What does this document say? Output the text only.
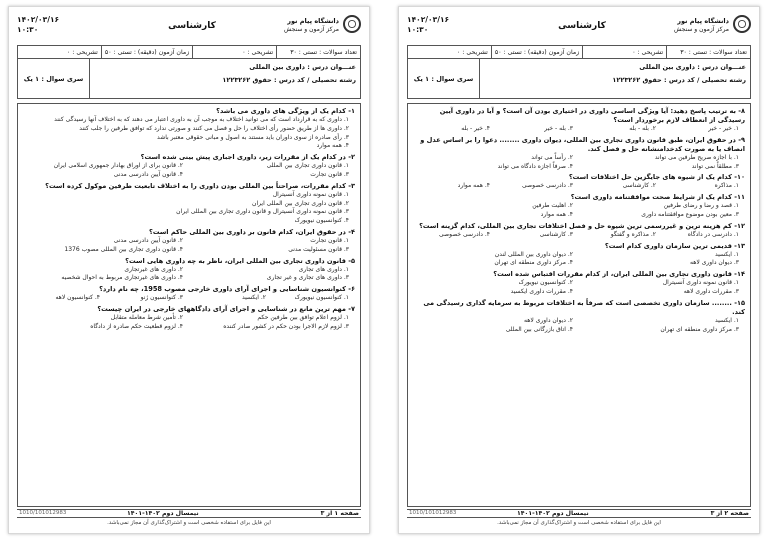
۱۴۰۲/۰۳/۱۶
۱۰:۳۰	کارشناسی	دانشگاه پیام نور
مرکز آزمون و سنجش
تعداد سوالات : تستی : ۳۰
تشریحی : ۰
زمان آزمون (دقیقه) : تستی : ۵۰
تشریحی : ۰
سری سوال : ۱ یک
عنـــوان درس : داوری بین المللی
رشته تحصیلی / کد درس : حقوق ۱۲۲۳۲۶۲
۱- کدام یک از ویژگی های داوری می باشد؟
۱. داوری که به قرارداد است که می توانید اختلاف به موجب آن به داوری اعتبار می دهند که به اختلاف آنها رسیدگی کنند
۲. داوری ها از طریق حضور رأی اختلاف را حل و فصل می کنند و صورتی ندارد که توافق طرفین را جلب کنند
۳. رأی صادره از سوی داوران باید مستند به اصول و مبانی حقوقی معتبر باشد
۴. همه موارد
۲- در کدام یک از مقررات زیر، داوری اجباری پیش بینی شده است؟
۱. قانون داوری تجاری بین المللی
۲. قانون برای از اوراق بهادار جمهوری اسلامی ایران
۳. قانون تجارت
۴. قانون آیین دادرسی مدنی
۳- کدام مقررات، صراحتاً بین المللی بودن داوری را به اختلاف تابعیت طرفین موکول کرده است؟
۱. قانون نمونه داوری آنسیترال
۲. قانون داوری تجاری بین المللی ایران
۳. قانون نمونه داوری آنسیترال و قانون داوری تجاری بین المللی ایران
۴. کنوانسیون نیویورک
۴- در حقوق ایران، کدام قانون بر داوری بین المللی حاکم است؟
۱. قانون تجارت
۲. قانون آیین دادرسی مدنی
۳. قانون مسئولیت مدنی
۴. قانون داوری تجاری بین المللی مصوب 1376
۵- قانون داوری تجاری بین المللی ایران، ناظر به چه داوری هایی است؟
۱. داوری های تجاری
۲. داوری های غیرتجاری
۳. داوری های تجاری و غیر تجاری
۴. داوری های غیرتجاری مربوط به احوال شخصیه
۶- کنوانسیون شناسایی و اجرای آرای داوری خارجی مصوب 1958، چه نام دارد؟
۱. کنوانسیون نیویورک
۲. ایکسید
۳. کنوانسیون ژنو
۴. کنوانسیون لاهه
۷- مهم ترین مانع در شناسایی و اجرای آرای دادگاههای خارجی در ایران چیست؟
۱. لزوم اعلام توافق بین طرفین حکم
۲. تأمین شرط معامله متقابل
۳. لزوم لازم الاجرا بودن حکم در کشور صادر کننده
۴. لزوم قطعیت حکم صادره از دادگاه
صفحه ۱ از ۳
نیمسال دوم ۱۴۰۲-۱۴۰۱
1010/101012983
این فایل برای استفاده شخصی است و اشتراک‌گذاری آن مجاز نمی‌باشد.
۱۴۰۲/۰۳/۱۶
۱۰:۳۰	کارشناسی	دانشگاه پیام نور
مرکز آزمون و سنجش
تعداد سوالات : تستی : ۳۰
تشریحی : ۰
زمان آزمون (دقیقه) : تستی : ۵۰
تشریحی : ۰
سری سوال : ۱ یک
عنـــوان درس : داوری بین المللی
رشته تحصیلی / کد درس : حقوق ۱۲۲۳۲۶۲
۸- به ترتیب پاسخ دهید: آیا ویژگی اساسی داوری در اختیاری بودن آن است؟ و آیا در داوری آیین رسیدگی از انعطاف لازم برخوردار است؟
۱. خیر - خیر
۲. بله - بله
۳. بله - خیر
۴. خیر - بله
۹- در حقوق ایران، طبق قانون داوری تجاری بین المللی، دیوان داوری ........ دعوا را بر اساس عدل و انصاف یا به صورت کدخدامنشانه حل و فصل کند.
۱. با اجازه صریح طرفین می تواند
۲. رأساً می تواند
۳. مطلقاً نمی تواند
۴. صرفاً اجازه دادگاه می تواند
۱۰- کدام یک از شیوه های جایگزین حل اختلافات است؟
۱. مذاکره
۲. کارشناسی
۳. دادرسی خصوصی
۴. همه موارد
۱۱- کدام یک از شرایط صحت موافقتنامه داوری است؟
۱. قصد و رضا و رضای طرفین
۲. اهلیت طرفین
۳. معین بودن موضوع موافقتنامه داوری
۴. همه موارد
۱۲- کم هزینه ترین و غیررسمی ترین شیوه حل و فصل اختلافات تجاری بین المللی، کدام گزینه است؟
۱. دادرسی در دادگاه
۲. مذاکره و گفتگو
۳. کارشناسی
۴. دادرسی خصوصی
۱۳- قدیمی ترین سازمان داوری کدام است؟
۱. ایکسید
۲. دیوان داوری بین المللی لندن
۳. دیوان داوری لاهه
۴. مرکز داوری منطقه ای تهران
۱۴- قانون داوری تجاری بین المللی ایران، از کدام مقررات اقتباس شده است؟
۱. قانون نمونه داوری آنسیترال
۲. کنوانسیون نیویورک
۳. مقررات داوری لاهه
۴. مقررات داوری ایکسید
۱۵- ........ سازمان داوری تخصصی است که صرفاً به اختلافات مربوط به سرمایه گذاری رسیدگی می کند.
۱. ایکسید
۲. دیوان داوری لاهه
۳. مرکز داوری منطقه ای تهران
۴. اتاق بازرگانی بین المللی
صفحه ۲ از ۳
نیمسال دوم ۱۴۰۲-۱۴۰۱
1010/101012983
این فایل برای استفاده شخصی است و اشتراک‌گذاری آن مجاز نمی‌باشد.
